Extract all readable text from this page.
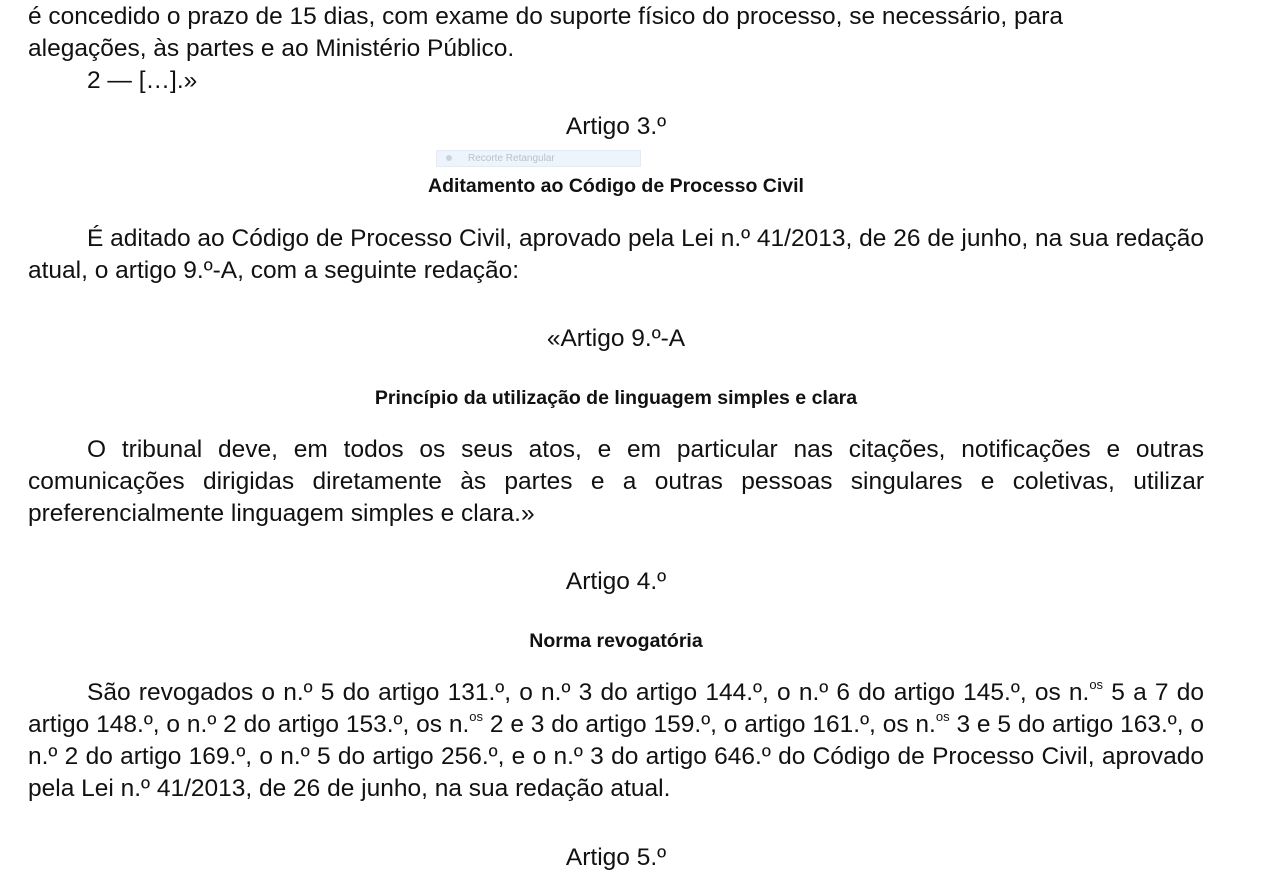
é concedido o prazo de 15 dias, com exame do suporte físico do processo, se necessário, para

alegações, às partes e ao Ministério Público.

2 — […].»

Artigo 3.º

Aditamento ao Código de Processo Civil

É aditado ao Código de Processo Civil, aprovado pela Lei n.º 41/2013, de 26 de junho, na sua redação atual, o artigo 9.º-A, com a seguinte redação:

«Artigo 9.º-A

Princípio da utilização de linguagem simples e clara

O tribunal deve, em todos os seus atos, e em particular nas citações, notificações e outras comunicações dirigidas diretamente às partes e a outras pessoas singulares e coletivas, utilizar preferencialmente linguagem simples e clara.»

Artigo 4.º

Norma revogatória

São revogados o n.º 5 do artigo 131.º, o n.º 3 do artigo 144.º, o n.º 6 do artigo 145.º, os n.$^{os}$ 5 a 7 do artigo 148.º, o n.º 2 do artigo 153.º, os n.$^{os}$ 2 e 3 do artigo 159.º, o artigo 161.º, os n.$^{os}$ 3 e 5 do artigo 163.º, o n.º 2 do artigo 169.º, o n.º 5 do artigo 256.º, e o n.º 3 do artigo 646.º do Código de Processo Civil, aprovado pela Lei n.º 41/2013, de 26 de junho, na sua redação atual.

Artigo 5.º

Recorte Retangular
